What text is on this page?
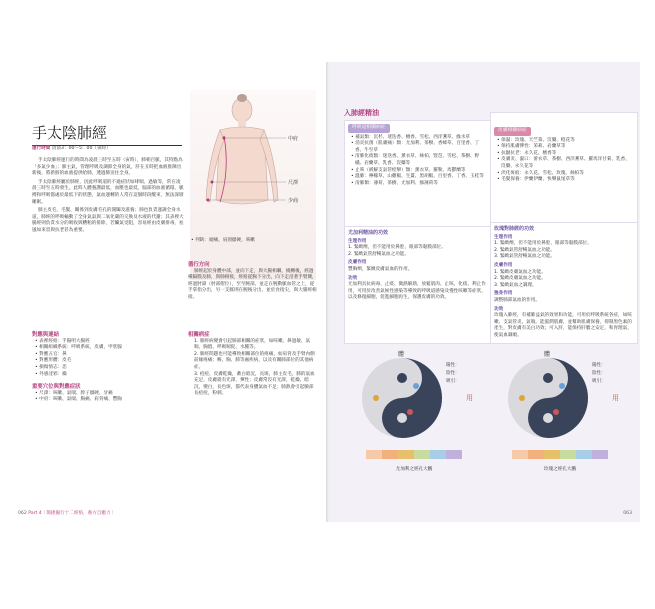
手太陰肺經
運行時間 清晨3：00～5：00（寅時）

手太陰肺經運行的時間為凌晨三時至五時（寅時），肺朝百脈，其特點為「多氣少血」；肺主氣，管理呼吸及調節全身的氣，肝在丑時把血液推陳出新後，將新鮮的血液提供給肺，透過肺送往全身。

手太陰肺經屬於肺經，因此呼吸道的不適症狀如哮喘、過敏等，常在凌晨三時至五時發生。此時人體養護最低，血壓也最低，腦部的血液循環、脈搏和呼吸都處於最低下的狀態，氣血運轉的人常在這個時段醒來，無法深層睡眠。

肺主皮毛，毛髮、關係到皮膚毛孔的開闔及滋養；肺也負責運調全身水道，肺經的呼吸輸動了全身氣氣與二氧化碳的交換及水液的代謝；其表裡大腸經則負責水分的吸收與糟粕的排除，若臟氣受阻，容易經由皮膚排毒，袪風如來容與抗老甚為重要。

對應與連結
• 表裡經絡：手陽明大腸經
• 相關組織系統：呼吸系統，皮膚，甲狀腺
• 對應五官：鼻
• 對應形體：皮毛
• 損傷情志：悲
• 外感淫邪：燥
重要穴位與對應症狀
• 尺澤：咳嗽、氣喘、脖子僵硬、牙痛
• 中府：咳嗽、氣喘、胸痛、肩背痛、豐胸
中府
尺澤
少商
• 列缺：頭痛、肩頸僵硬、咳嗽
循行方向

肺經起於身體中部，並向下走，與大腸相聯，繞轉後，經過橫隔膜及肺，與肺相接，經絡從胸下分出，向下走沿著手臂側，經過肘窩（肘部摺位），至至腕部，並走在腕動脈血管之上，從手掌指分出，另一支脈則在腕後分出，並於食指尖，與大腸經相接。

相關病症
1. 肺經病變會引起肺部相關的症狀，如咳嗽、鼻過敏、氣喘、胸悶、呼吸喘促、水腫等。
2. 肺經問題也可能導致相關部位的疼痛，如肩背及手臂內側前緣疼痛；喉、胸、肺等處疾病，以及有關肺部位的其他病症。
3. 痘痘、皮膚乾燥，蓄白暗沉，長斑，肺主皮毛，肺的氣血充足，皮膚就有光澤、彈性；皮膚常沒有光澤，乾燥、暗沉，變白，長色斑，都代表身體氣血不足；肺熱會引起臉部長痘痘，粉刺。
062 Part 4｜簡捷擬行十二經絡，養方自癒力｜
入肺經精油
呼吸道相關病症
• 補氣類：沉杉、迷迭香、檀香、雪松、西洋蓍草、綠水草
• 消炎抗菌（肌膚痛）類：尤加利、茶樹、香蜂草、百里香、丁香、牛至草
• 清肺化痰類：迷迭香、薰衣草、絲柏、豎琶、雪松、茶樹、野橘、岩蘭草、乳香、沒藥等
• 止咳（緩解支氣管痙攣）類：薰衣草、羅勒、馬鬱蘭等
• 溫肺：檸檬草、山雞椒、生薑、黑胡椒、百里香、丁香、玉桂等
• 清肺類：薄荷、茶樹、尤加利、綠薄荷等
尤加利精油的功效
生理作用
1. 緊緻劑，但不能用於鼻腔、眼部等黏膜部位。
2. 緊緻氣管舒暢氣血之功能。
皮膚作用
豐胸劑，緊緻皮膚氣血的作用。
功效
尤加利具抗病毒、止痰、微熱解熱、放鬆肌肉、止咳、化痰、利止作用，可用於改善氣候性感染等導致的呼吸道感染及慢性咳嗽等症狀，以及修復細胞，促進細胞再生，保護皮膚的功效。
皮膚相關病症
• 保濕：玫瑰、天竺葵、沒藥、橙花等
• 保持肌膚彈性：茉莉、岩蘭草等
• 抗皺抗老：永久花、檀香等
• 皮膚炎、濕口：蕾衣草、茶樹、西洋蓍草、羅馬洋甘菊、乳香、沒藥、永久花等
• 淡化斑痕：永久花、雪松、玫瑰、絲柏等
• 毛髮保養：伊蘭伊蘭、快樂鼠尾草等
玫瑰對肺經的功效
生理作用
1. 緊緻劑，但不能用於鼻腔、眼部等黏膜部位。
2. 緊緻氣管舒暢氣血之功能。
3. 緊緻氣管舒暢氣血之功能。
皮膚作用
1. 緊緻皮膚氣血之功能。
2. 緊緻皮膚氣血之功能。
3. 緊緻氣血之調理。
強身作用
調整肺部氣血的作用。
功效
玫瑰入肺經，有補肺益氣的效果和功能，可用於呼吸系統各症，如咳嗽、支氣管炎、氣喘。能滋潤肌膚，並幫助肌膚保養，抑制黑色素的產生，對皮膚有美白功效；可入肝，能保持肝膽之安定，和胃理氣，使氣血調順。
體
用
陽性：
陰性：
吸引：
尤加利之經孔大鵬
體
用
陽性：
陰性：
吸引：
玫瑰之經孔大鵬
063
